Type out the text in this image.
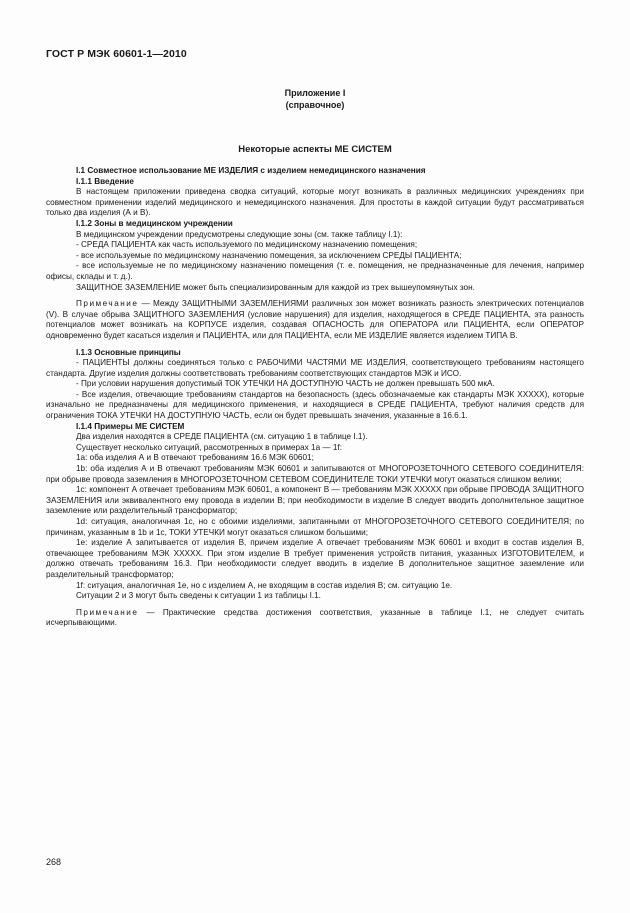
ГОСТ Р МЭК 60601-1—2010
Приложение I
(справочное)
Некоторые аспекты МЕ СИСТЕМ

I.1 Совместное использование МЕ ИЗДЕЛИЯ с изделием немедицинского назначения

I.1.1 Введение

В настоящем приложении приведена сводка ситуаций, которые могут возникать в различных медицинских учреждениях при совместном применении изделий медицинского и немедицинского назначения. Для простоты в каждой ситуации будут рассматриваться только два изделия (А и В).

I.1.2 Зоны в медицинском учреждении

В медицинском учреждении предусмотрены следующие зоны (см. также таблицу I.1):

- СРЕДА ПАЦИЕНТА как часть используемого по медицинскому назначению помещения;

- все используемые по медицинскому назначению помещения, за исключением СРЕДЫ ПАЦИЕНТА;

- все используемые не по медицинскому назначению помещения (т. е. помещения, не предназначенные для лечения, например офисы, склады и т. д.).

ЗАЩИТНОЕ ЗАЗЕМЛЕНИЕ может быть специализированным для каждой из трех вышеупомянутых зон.

Примечание — Между ЗАЩИТНЫМИ ЗАЗЕМЛЕНИЯМИ различных зон может возникать разность электрических потенциалов (V). В случае обрыва ЗАЩИТНОГО ЗАЗЕМЛЕНИЯ (условие нарушения) для изделия, находящегося в СРЕДЕ ПАЦИЕНТА, эта разность потенциалов может возникать на КОРПУСЕ изделия, создавая ОПАСНОСТЬ для ОПЕРАТОРА или ПАЦИЕНТА, если ОПЕРАТОР одновременно будет касаться изделия и ПАЦИЕНТА, или для ПАЦИЕНТА, если МЕ ИЗДЕЛИЕ является изделием ТИПА В.

I.1.3 Основные принципы

- ПАЦИЕНТЫ должны соединяться только с РАБОЧИМИ ЧАСТЯМИ МЕ ИЗДЕЛИЯ, соответствующего требованиям настоящего стандарта. Другие изделия должны соответствовать требованиям соответствующих стандартов МЭК и ИСО.

- При условии нарушения допустимый ТОК УТЕЧКИ НА ДОСТУПНУЮ ЧАСТЬ не должен превышать 500 мкА.

- Все изделия, отвечающие требованиям стандартов на безопасность (здесь обозначаемые как стандарты МЭК XXXXX), которые изначально не предназначены для медицинского применения, и находящиеся в СРЕДЕ ПАЦИЕНТА, требуют наличия средств для ограничения ТОКА УТЕЧКИ НА ДОСТУПНУЮ ЧАСТЬ, если он будет превышать значения, указанные в 16.6.1.

I.1.4 Примеры МЕ СИСТЕМ

Два изделия находятся в СРЕДЕ ПАЦИЕНТА (см. ситуацию 1 в таблице I.1).

Существует несколько ситуаций, рассмотренных в примерах 1а — 1f:

1а: оба изделия А и В отвечают требованиям 16.6 МЭК 60601;

1b: оба изделия А и В отвечают требованиям МЭК 60601 и запитываются от МНОГОРОЗЕТОЧНОГО СЕТЕВОГО СОЕДИНИТЕЛЯ: при обрыве провода заземления в МНОГОРОЗЕТОЧНОМ СЕТЕВОМ СОЕДИНИТЕЛЕ ТОКИ УТЕЧКИ могут оказаться слишком велики;

1с: компонент А отвечает требованиям МЭК 60601, а компонент В — требованиям МЭК XXXXX при обрыве ПРОВОДА ЗАЩИТНОГО ЗАЗЕМЛЕНИЯ или эквивалентного ему провода в изделии В; при необходимости в изделие В следует вводить дополнительное защитное заземление или разделительный трансформатор;

1d: ситуация, аналогичная 1с, но с обоими изделиями, запитанными от МНОГОРОЗЕТОЧНОГО СЕТЕВОГО СОЕДИНИТЕЛЯ; по причинам, указанным в 1b и 1с, ТОКИ УТЕЧКИ могут оказаться слишком большими;

1е: изделие А запитывается от изделия В, причем изделие А отвечает требованиям МЭК 60601 и входит в состав изделия В, отвечающее требованиям МЭК XXXXX. При этом изделие В требует применения устройств питания, указанных ИЗГОТОВИТЕЛЕМ, и должно отвечать требованиям 16.3. При необходимости следует вводить в изделие В дополнительное защитное заземление или разделительный трансформатор;

1f: ситуация, аналогичная 1е, но с изделием А, не входящим в состав изделия В; см. ситуацию 1е.

Ситуации 2 и 3 могут быть сведены к ситуации 1 из таблицы I.1.

Примечание — Практические средства достижения соответствия, указанные в таблице I.1, не следует считать исчерпывающими.

268
